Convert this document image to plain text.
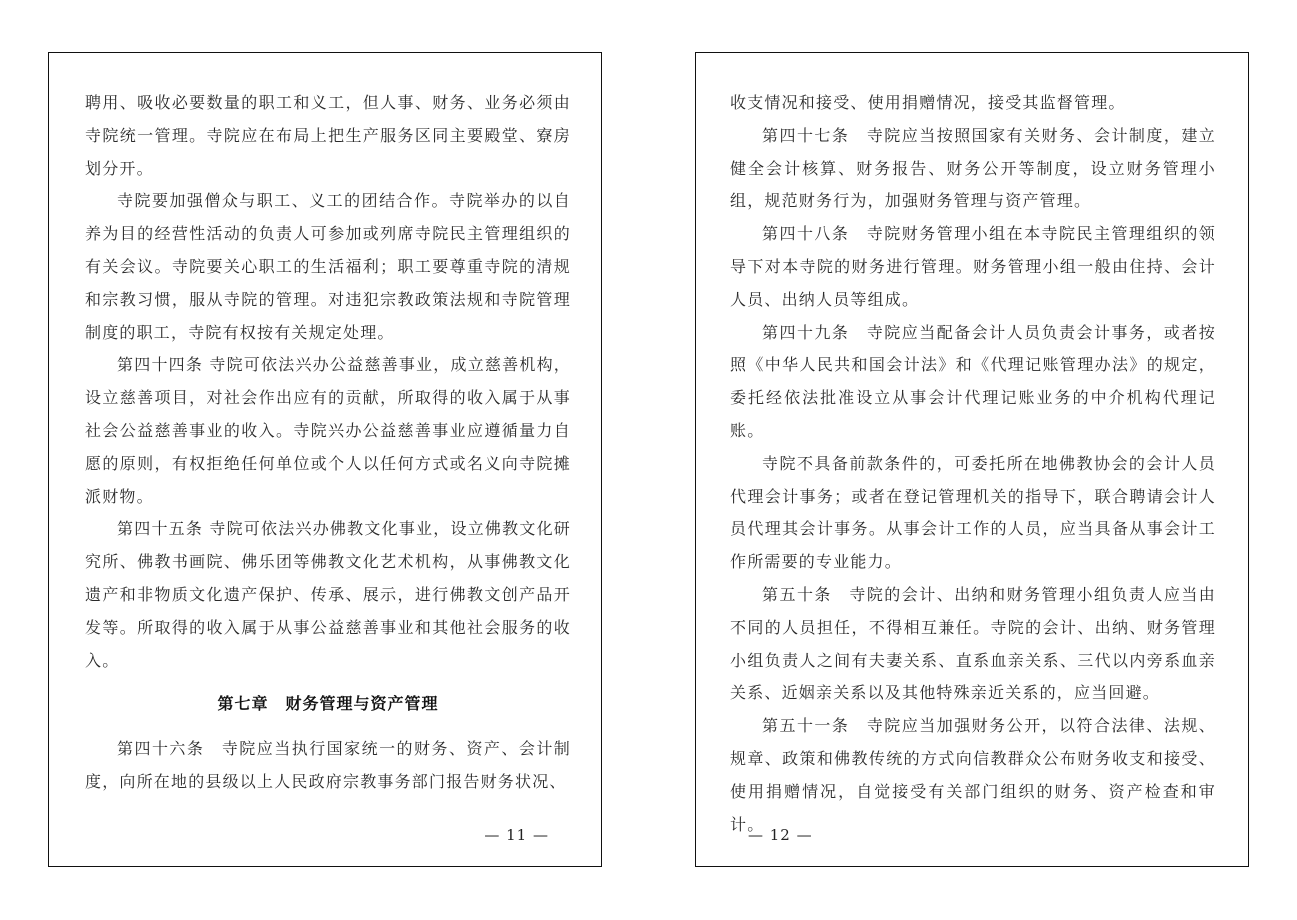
聘用、吸收必要数量的职工和义工，但人事、财务、业务必须由寺院统一管理。寺院应在布局上把生产服务区同主要殿堂、寮房划分开。

寺院要加强僧众与职工、义工的团结合作。寺院举办的以自养为目的经营性活动的负责人可参加或列席寺院民主管理组织的有关会议。寺院要关心职工的生活福利；职工要尊重寺院的清规和宗教习惯，服从寺院的管理。对违犯宗教政策法规和寺院管理制度的职工，寺院有权按有关规定处理。

第四十四条 寺院可依法兴办公益慈善事业，成立慈善机构，设立慈善项目，对社会作出应有的贡献，所取得的收入属于从事社会公益慈善事业的收入。寺院兴办公益慈善事业应遵循量力自愿的原则，有权拒绝任何单位或个人以任何方式或名义向寺院摊派财物。

第四十五条 寺院可依法兴办佛教文化事业，设立佛教文化研究所、佛教书画院、佛乐团等佛教文化艺术机构，从事佛教文化遗产和非物质文化遗产保护、传承、展示，进行佛教文创产品开发等。所取得的收入属于从事公益慈善事业和其他社会服务的收入。

第七章　财务管理与资产管理

第四十六条　寺院应当执行国家统一的财务、资产、会计制度，向所在地的县级以上人民政府宗教事务部门报告财务状况、

— 11 —

收支情况和接受、使用捐赠情况，接受其监督管理。

第四十七条　寺院应当按照国家有关财务、会计制度，建立健全会计核算、财务报告、财务公开等制度，设立财务管理小组，规范财务行为，加强财务管理与资产管理。

第四十八条　寺院财务管理小组在本寺院民主管理组织的领导下对本寺院的财务进行管理。财务管理小组一般由住持、会计人员、出纳人员等组成。

第四十九条　寺院应当配备会计人员负责会计事务，或者按照《中华人民共和国会计法》和《代理记账管理办法》的规定，委托经依法批准设立从事会计代理记账业务的中介机构代理记账。

寺院不具备前款条件的，可委托所在地佛教协会的会计人员代理会计事务；或者在登记管理机关的指导下，联合聘请会计人员代理其会计事务。从事会计工作的人员，应当具备从事会计工作所需要的专业能力。

第五十条　寺院的会计、出纳和财务管理小组负责人应当由不同的人员担任，不得相互兼任。寺院的会计、出纳、财务管理小组负责人之间有夫妻关系、直系血亲关系、三代以内旁系血亲关系、近姻亲关系以及其他特殊亲近关系的，应当回避。

第五十一条　寺院应当加强财务公开，以符合法律、法规、规章、政策和佛教传统的方式向信教群众公布财务收支和接受、使用捐赠情况，自觉接受有关部门组织的财务、资产检查和审计。

— 12 —
